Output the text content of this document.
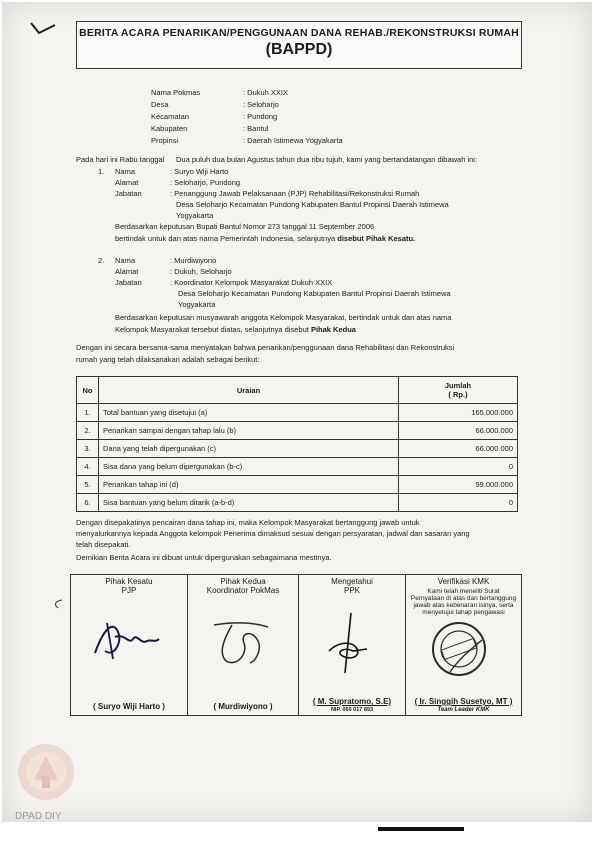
BERITA ACARA PENARIKAN/PENGGUNAAN DANA REHAB./REKONSTRUKSI RUMAH
(BAPPD)
Nama Pokmas	: Dukuh XXIX
Desa	: Seloharjo
Kecamatan	: Pundong
Kabupaten	: Bantul
Propinsi	: Daerah Istimewa Yogyakarta
Pada hari ini Rabu tanggal Dua puluh dua bulan Agustus tahun dua ribu tujuh, kami yang bertandatangan dibawah ini:
1. Nama	: Suryo Wiji Harto
Alamat	: Seloharjo, Pundong
Jabatan	: Penanggung Jawab Pelaksanaan (PJP) Rehabilitasi/Rekonstruksi Rumah
Desa Seloharjo Kecamatan Pundong Kabupaten Bantul Propinsi Daerah Istimewa
Yogyakarta
Berdasarkan keputusan Bupati Bantul Nomor 273 tanggal 11 September 2006
bertindak untuk dan atas nama Pemerintah Indonesia, selanjutnya disebut Pihak Kesatu.
2. Nama	: Murdiwiyono
Alamat	: Dukuh, Seloharjo
Jabatan	: Koordinator Kelompok Masyarakat Dukuh XXIX
Desa Seloharjo Kecamatan Pundong Kabupaten Bantul Propinsi Daerah Istimewa
Yogyakarta
Berdasarkan keputusan musyawarah anggota Kelompok Masyarakat, bertindak untuk dan atas nama
Kelompok Masyarakat tersebut diatas, selanjutnya disebut Pihak Kedua
Dengan ini secara bersama-sama menyatakan bahwa penarikan/penggunaan dana Rehabilitasi dan Rekonstruksi
rumah yang telah dilaksanakan adalah sebagai berikut:
No	Uraian	Jumlah
( Rp.)

1.	Total bantuan yang disetujui (a)	165.000.000
2.	Penarikan sampai dengan tahap lalu (b)	66.000.000
3.	Dana yang telah dipergunakan (c)	66.000.000
4.	Sisa dana yang belum dipergunakan (b-c)	0
5.	Penarikan tahap ini (d)	99.000.000
6.	Sisa bantuan yang belum ditarik (a-b-d)	0
Dengan disepakatinya pencairan dana tahap ini, maka Kelompok Masyarakat bertanggung jawab untuk
menyalurkannya kepada Anggota kelompok Penerima dimaksud sesuai dengan persyaratan, jadwal dan sasaran yang
telah disepakati.
Demikian Berita Acara ini dibuat untuk dipergunakan sebagaimana mestinya.
Pihak Kesatu
PJP
( Suryo Wiji Harto )

Pihak Kedua
Koordinator PokMas
( Murdiwiyono )

Mengetahui
PPK
( M. Supratomo, S.E)
NIP. 050 017 893

Verifikasi KMK
Kami telah meneliti Surat
Pernyataan di atas dan bertanggung
jawab atas kebenaran isinya, serta
menyetujui tahap pengawasi
( Ir. Singgih Susetyo, MT )
Team Leader KMK
DPAD DIY
